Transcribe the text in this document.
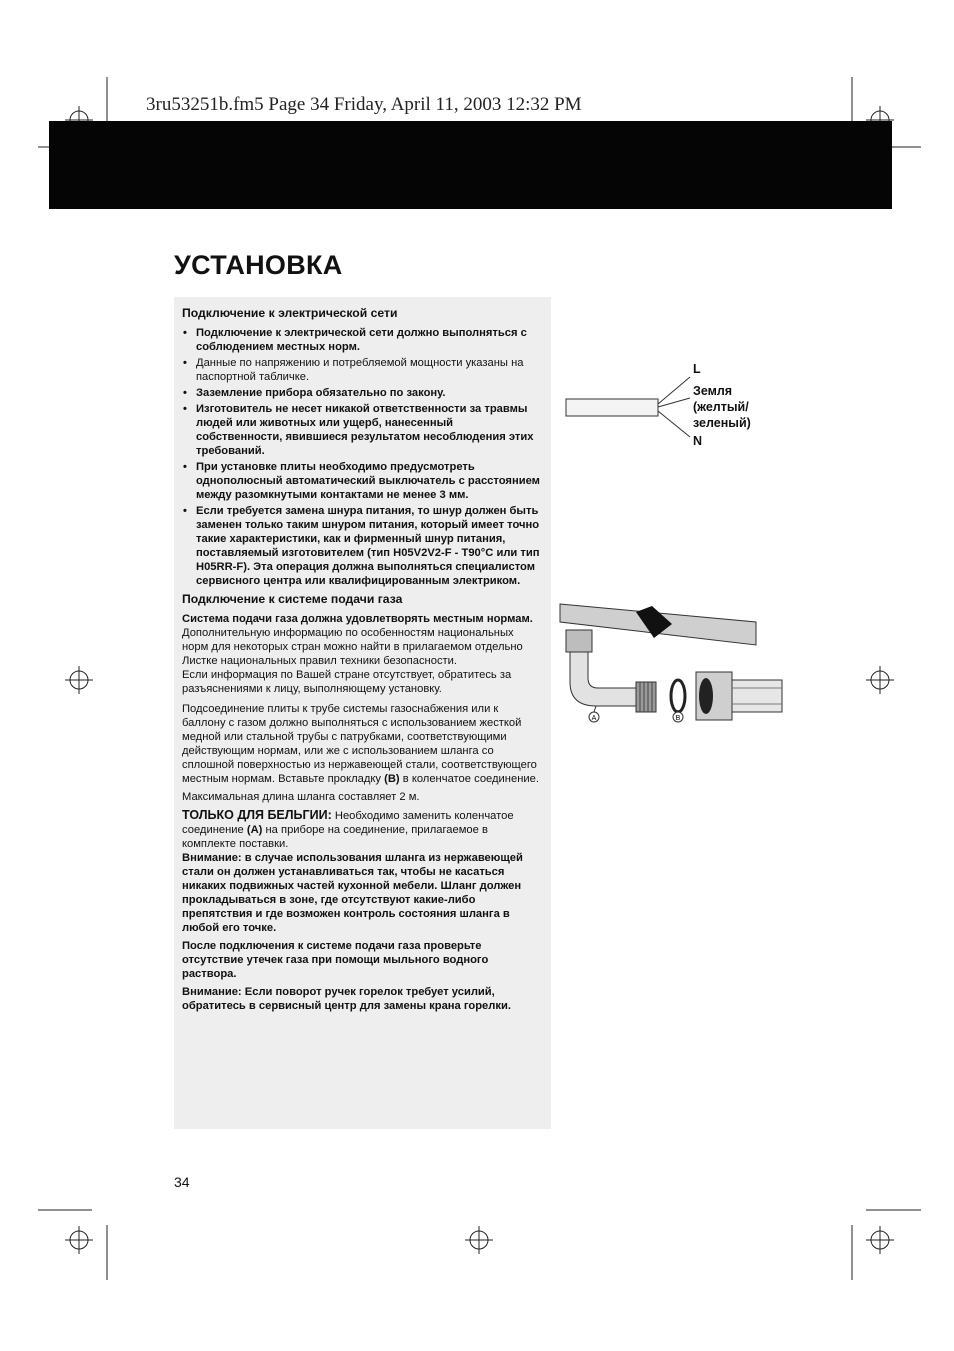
3ru53251b.fm5 Page 34 Friday, April 11, 2003 12:32 PM
УСТАНОВКА
Подключение к электрической сети
• Подключение к электрической сети должно выполняться с соблюдением местных норм.
• Данные по напряжению и потребляемой мощности указаны на паспортной табличке.
• Заземление прибора обязательно по закону.
• Изготовитель не несет никакой ответственности за травмы людей или животных или ущерб, нанесенный собственности, явившиеся результатом несоблюдения этих требований.
• При установке плиты необходимо предусмотреть однополюсный автоматический выключатель с расстоянием между разомкнутыми контактами не менее 3 мм.
• Если требуется замена шнура питания, то шнур должен быть заменен только таким шнуром питания, который имеет точно такие характеристики, как и фирменный шнур питания, поставляемый изготовителем (тип H05V2V2-F - T90°C или тип H05RR-F). Эта операция должна выполняться специалистом сервисного центра или квалифицированным электриком.
Подключение к системе подачи газа

Система подачи газа должна удовлетворять местным нормам.

Дополнительную информацию по особенностям национальных норм для некоторых стран можно найти в прилагаемом отдельно Листке национальных правил техники безопасности.

Если информация по Вашей стране отсутствует, обратитесь за разъяснениями к лицу, выполняющему установку.

Подсоединение плиты к трубе системы газоснабжения или к баллону с газом должно выполняться с использованием жесткой медной или стальной трубы с патрубками, соответствующими действующим нормам, или же с использованием шланга со сплошной поверхностью из нержавеющей стали, соответствующего местным нормам. Вставьте прокладку (B) в коленчатое соединение.

Максимальная длина шланга составляет 2 м.

ТОЛЬКО ДЛЯ БЕЛЬГИИ: Необходимо заменить коленчатое соединение (A) на приборе на соединение, прилагаемое в комплекте поставки.

Внимание: в случае использования шланга из нержавеющей стали он должен устанавливаться так, чтобы не касаться никаких подвижных частей кухонной мебели. Шланг должен прокладываться в зоне, где отсутствуют какие-либо препятствия и где возможен контроль состояния шланга в любой его точке.

После подключения к системе подачи газа проверьте отсутствие утечек газа при помощи мыльного водного раствора.

Внимание: Если поворот ручек горелок требует усилий, обратитесь в сервисный центр для замены крана горелки.

L
Земля
(желтый/
зеленый)
N
A	B
34
